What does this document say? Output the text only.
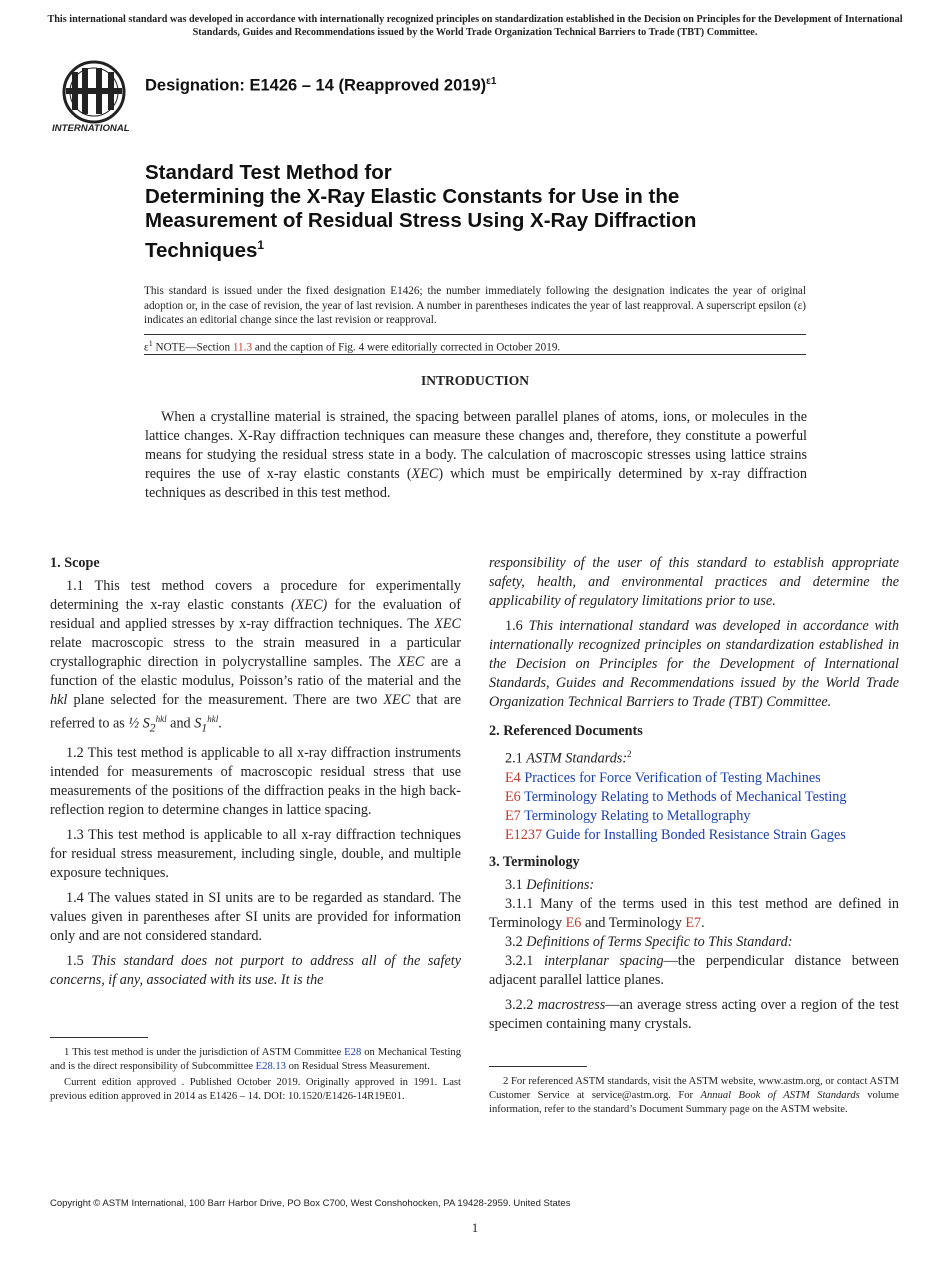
This international standard was developed in accordance with internationally recognized principles on standardization established in the Decision on Principles for the Development of International Standards, Guides and Recommendations issued by the World Trade Organization Technical Barriers to Trade (TBT) Committee.
INTERNATIONAL
Designation: E1426 – 14 (Reapproved 2019)$^{\varepsilon 1}$
Standard Test Method for
Determining the X-Ray Elastic Constants for Use in the
Measurement of Residual Stress Using X-Ray Diffraction
Techniques$^1$
This standard is issued under the fixed designation E1426; the number immediately following the designation indicates the year of original adoption or, in the case of revision, the year of last revision. A number in parentheses indicates the year of last reapproval. A superscript epsilon (ε) indicates an editorial change since the last revision or reapproval.
$\varepsilon^1$ NOTE—Section 11.3 and the caption of Fig. 4 were editorially corrected in October 2019.
INTRODUCTION
When a crystalline material is strained, the spacing between parallel planes of atoms, ions, or molecules in the lattice changes. X-Ray diffraction techniques can measure these changes and, therefore, they constitute a powerful means for studying the residual stress state in a body. The calculation of macroscopic stresses using lattice strains requires the use of x-ray elastic constants (XEC) which must be empirically determined by x-ray diffraction techniques as described in this test method.

1. Scope

1.1 This test method covers a procedure for experimentally determining the x-ray elastic constants (XEC) for the evaluation of residual and applied stresses by x-ray diffraction techniques. The XEC relate macroscopic stress to the strain measured in a particular crystallographic direction in polycrystalline samples. The XEC are a function of the elastic modulus, Poisson’s ratio of the material and the hkl plane selected for the measurement. There are two XEC that are referred to as ½ $S_2^{hkl}$ and $S_1^{hkl}$.

1.2 This test method is applicable to all x-ray diffraction instruments intended for measurements of macroscopic residual stress that use measurements of the positions of the diffraction peaks in the high back-reflection region to determine changes in lattice spacing.

1.3 This test method is applicable to all x-ray diffraction techniques for residual stress measurement, including single, double, and multiple exposure techniques.

1.4 The values stated in SI units are to be regarded as standard. The values given in parentheses after SI units are provided for information only and are not considered standard.

1.5 This standard does not purport to address all of the safety concerns, if any, associated with its use. It is the

responsibility of the user of this standard to establish appropriate safety, health, and environmental practices and determine the applicability of regulatory limitations prior to use.

1.6 This international standard was developed in accordance with internationally recognized principles on standardization established in the Decision on Principles for the Development of International Standards, Guides and Recommendations issued by the World Trade Organization Technical Barriers to Trade (TBT) Committee.

2. Referenced Documents

2.1 ASTM Standards:$^2$

E4 Practices for Force Verification of Testing Machines
E6 Terminology Relating to Methods of Mechanical Testing
E7 Terminology Relating to Metallography
E1237 Guide for Installing Bonded Resistance Strain Gages

3. Terminology

3.1 Definitions:

3.1.1 Many of the terms used in this test method are defined in Terminology E6 and Terminology E7.

3.2 Definitions of Terms Specific to This Standard:

3.2.1 interplanar spacing—the perpendicular distance between adjacent parallel lattice planes.

3.2.2 macrostress—an average stress acting over a region of the test specimen containing many crystals.

1 This test method is under the jurisdiction of ASTM Committee E28 on Mechanical Testing and is the direct responsibility of Subcommittee E28.13 on Residual Stress Measurement.

Current edition approved . Published October 2019. Originally approved in 1991. Last previous edition approved in 2014 as E1426 – 14. DOI: 10.1520/E1426-14R19E01.

2 For referenced ASTM standards, visit the ASTM website, www.astm.org, or contact ASTM Customer Service at service@astm.org. For Annual Book of ASTM Standards volume information, refer to the standard’s Document Summary page on the ASTM website.

Copyright © ASTM International, 100 Barr Harbor Drive, PO Box C700, West Conshohocken, PA 19428-2959. United States
1
